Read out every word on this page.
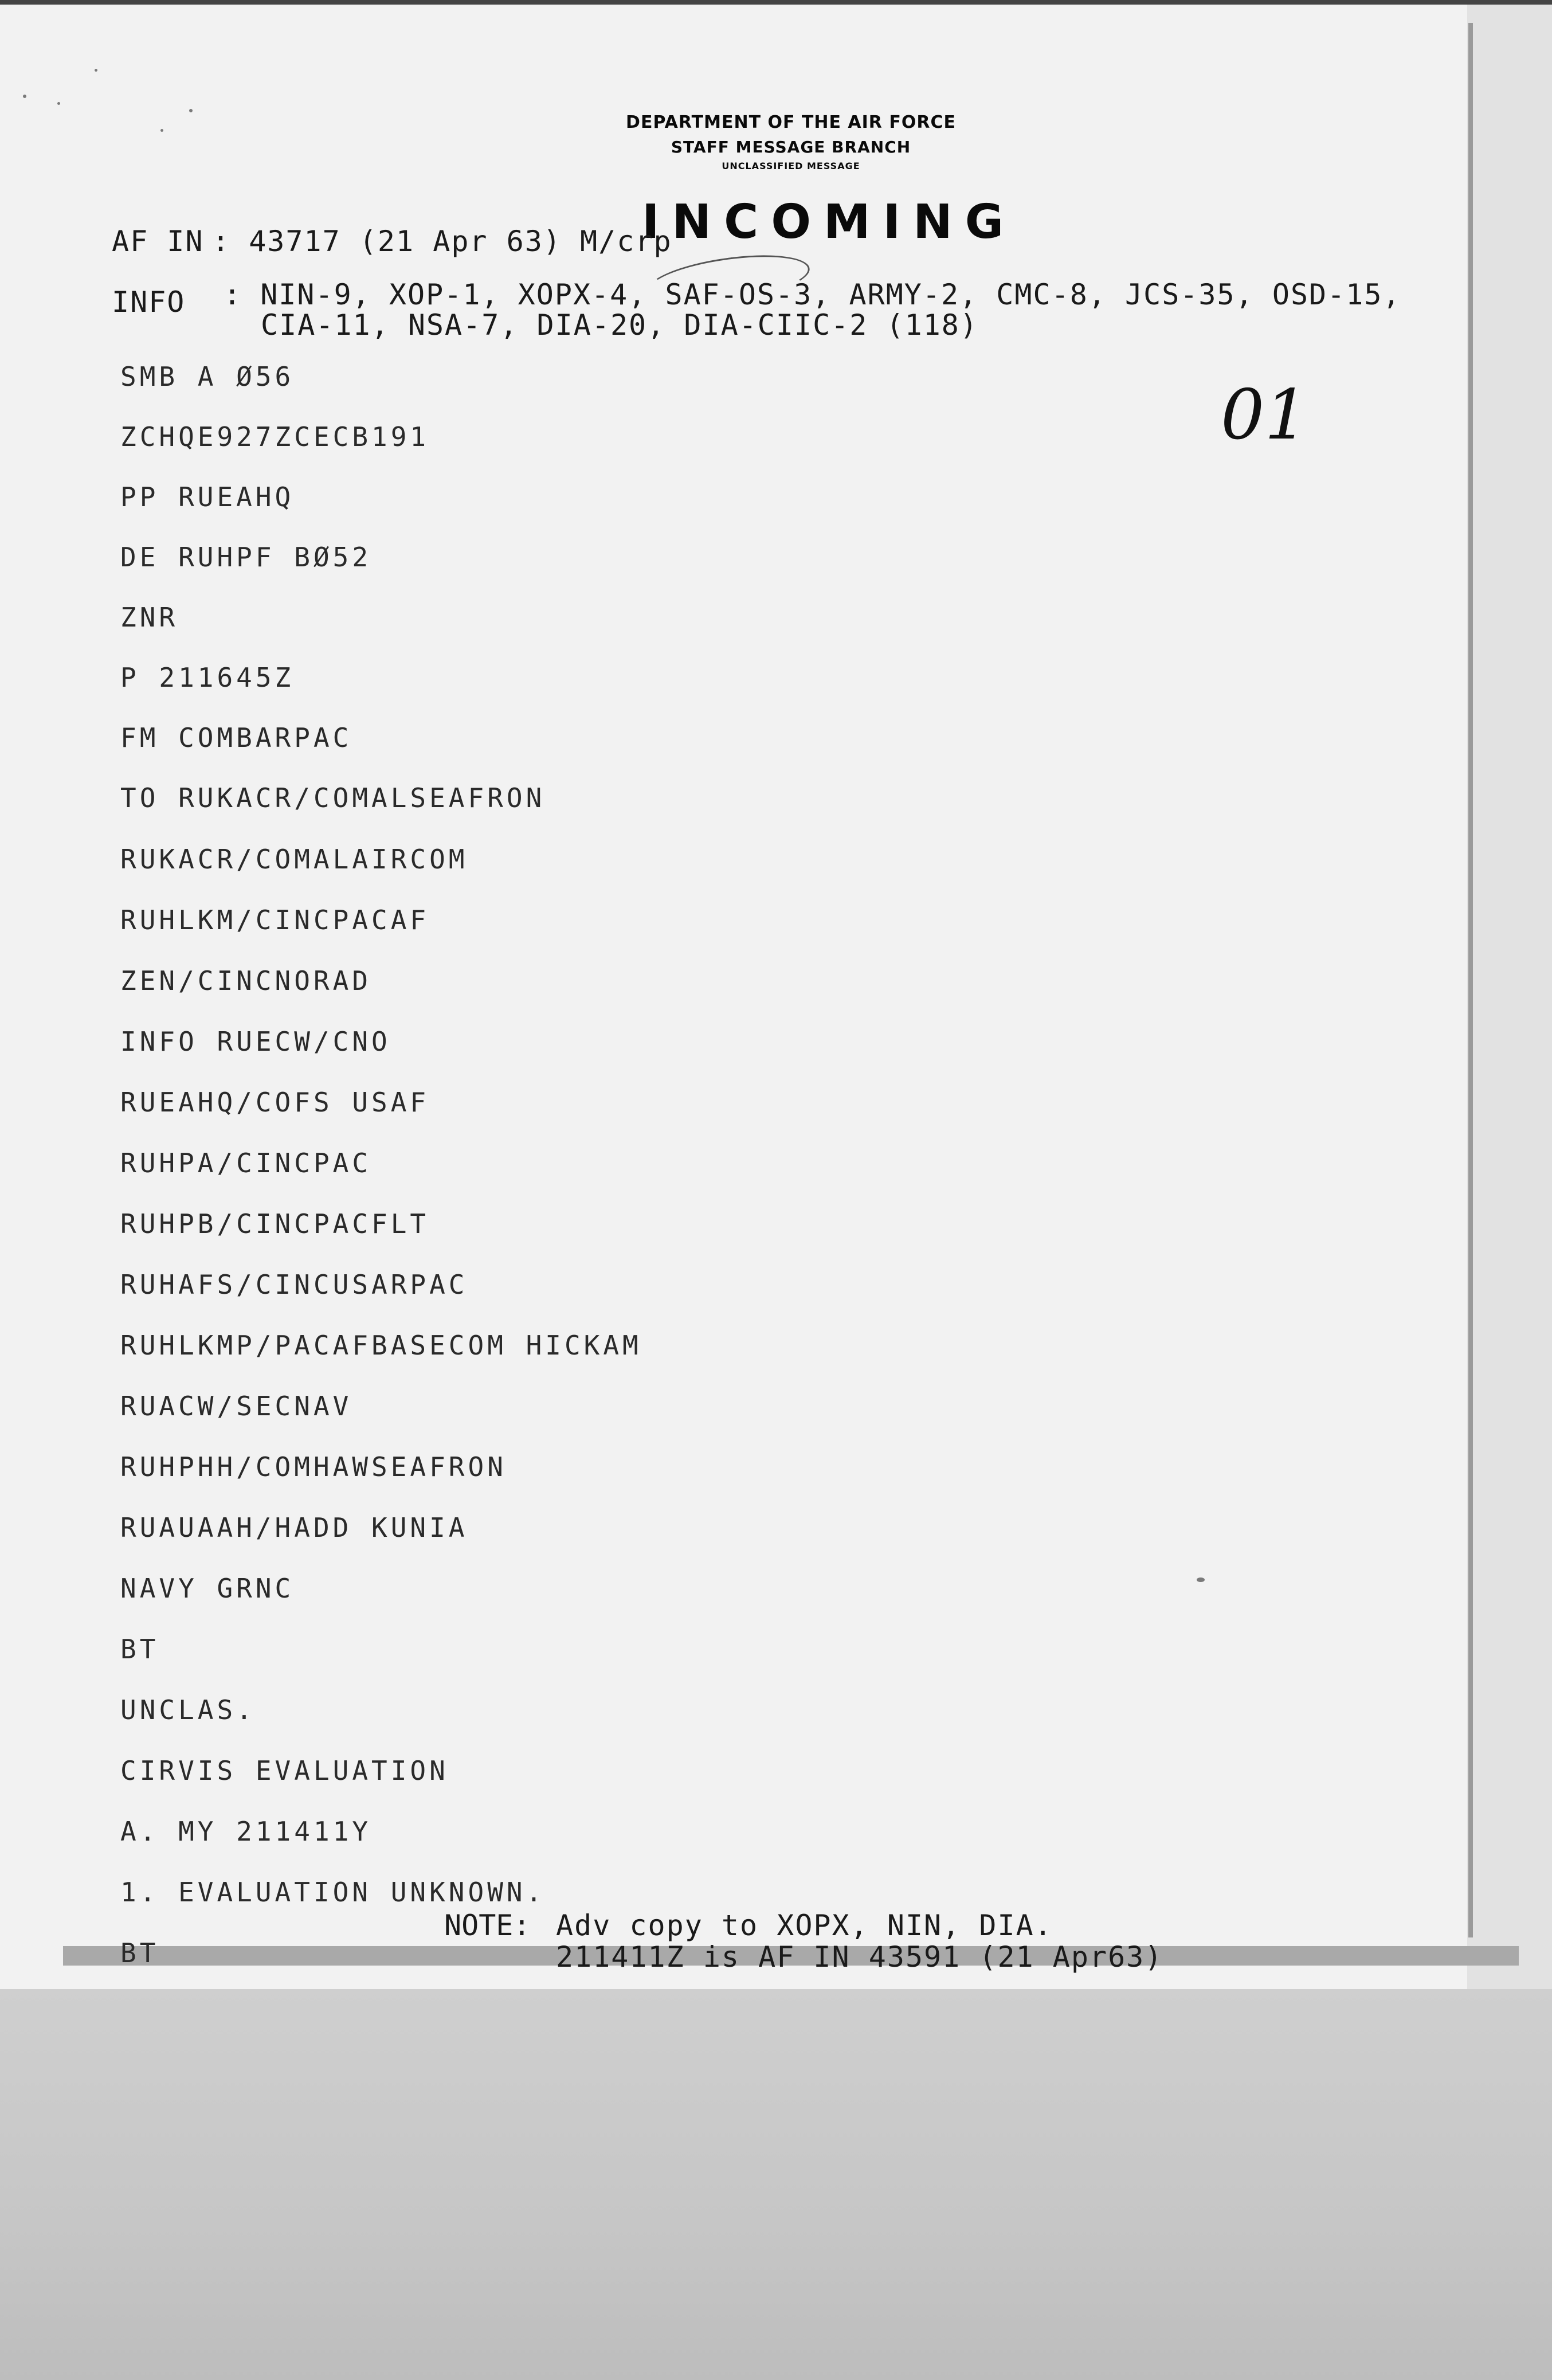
DEPARTMENT OF THE AIR FORCE
STAFF MESSAGE BRANCH
UNCLASSIFIED MESSAGE
INCOMING
AF IN : 43717 (21 Apr 63) M/crp
INFO : NIN-9, XOP-1, XOPX-4, SAF-OS-3, ARMY-2, CMC-8, JCS-35, OSD-15,
CIA-11, NSA-7, DIA-20, DIA-CIIC-2 (118)
01
SMB A Ø56
ZCHQE927ZCECB191
PP RUEAHQ
DE RUHPF BØ52
ZNR
P 211645Z
FM COMBARPAC
TO RUKACR/COMALSEAFRON
RUKACR/COMALAIRCOM
RUHLKM/CINCPACAF
ZEN/CINCNORAD
INFO RUECW/CNO
RUEAHQ/COFS USAF
RUHPA/CINCPAC
RUHPB/CINCPACFLT
RUHAFS/CINCUSARPAC
RUHLKMP/PACAFBASECOM HICKAM
RUACW/SECNAV
RUHPHH/COMHAWSEAFRON
RUAUAAH/HADD KUNIA
NAVY GRNC
BT
UNCLAS.
CIRVIS EVALUATION
A. MY 211411Y
1. EVALUATION UNKNOWN.
BT
NOTE: Adv copy to XOPX, NIN, DIA.
211411Z is AF IN 43591 (21 Apr63)
